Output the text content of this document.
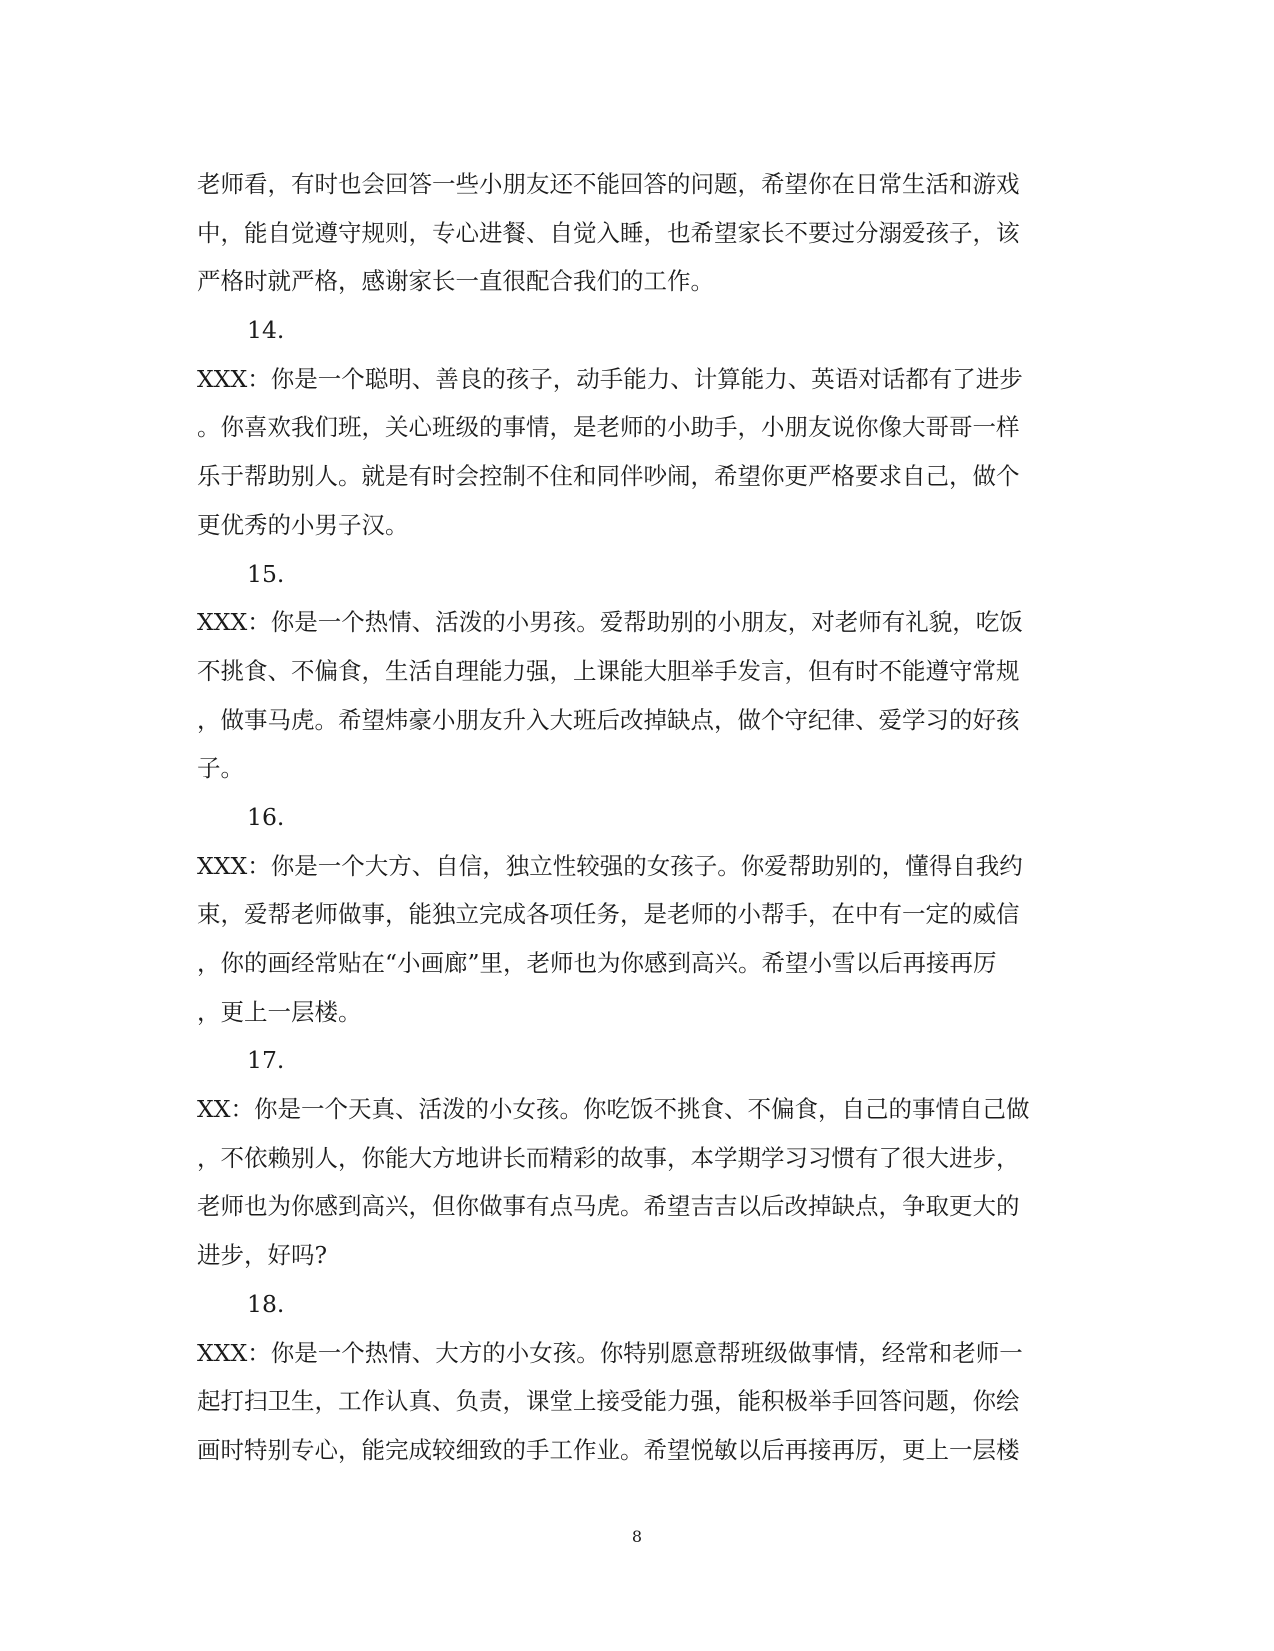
老师看，有时也会回答一些小朋友还不能回答的问题，希望你在日常生活和游戏
中，能自觉遵守规则，专心进餐、自觉入睡，也希望家长不要过分溺爱孩子，该
严格时就严格，感谢家长一直很配合我们的工作。
14.
XXX：你是一个聪明、善良的孩子，动手能力、计算能力、英语对话都有了进步
。你喜欢我们班，关心班级的事情，是老师的小助手，小朋友说你像大哥哥一样
乐于帮助别人。就是有时会控制不住和同伴吵闹，希望你更严格要求自己，做个
更优秀的小男子汉。
15.
XXX：你是一个热情、活泼的小男孩。爱帮助别的小朋友，对老师有礼貌，吃饭
不挑食、不偏食，生活自理能力强，上课能大胆举手发言，但有时不能遵守常规
，做事马虎。希望炜豪小朋友升入大班后改掉缺点，做个守纪律、爱学习的好孩
子。
16.
XXX：你是一个大方、自信，独立性较强的女孩子。你爱帮助别的，懂得自我约
束，爱帮老师做事，能独立完成各项任务，是老师的小帮手，在中有一定的威信
，你的画经常贴在“小画廊”里，老师也为你感到高兴。希望小雪以后再接再厉
，更上一层楼。
17.
XX：你是一个天真、活泼的小女孩。你吃饭不挑食、不偏食，自己的事情自己做
，不依赖别人，你能大方地讲长而精彩的故事，本学期学习习惯有了很大进步，
老师也为你感到高兴，但你做事有点马虎。希望吉吉以后改掉缺点，争取更大的
进步，好吗?
18.
XXX：你是一个热情、大方的小女孩。你特别愿意帮班级做事情，经常和老师一
起打扫卫生，工作认真、负责，课堂上接受能力强，能积极举手回答问题，你绘
画时特别专心，能完成较细致的手工作业。希望悦敏以后再接再厉，更上一层楼
8
